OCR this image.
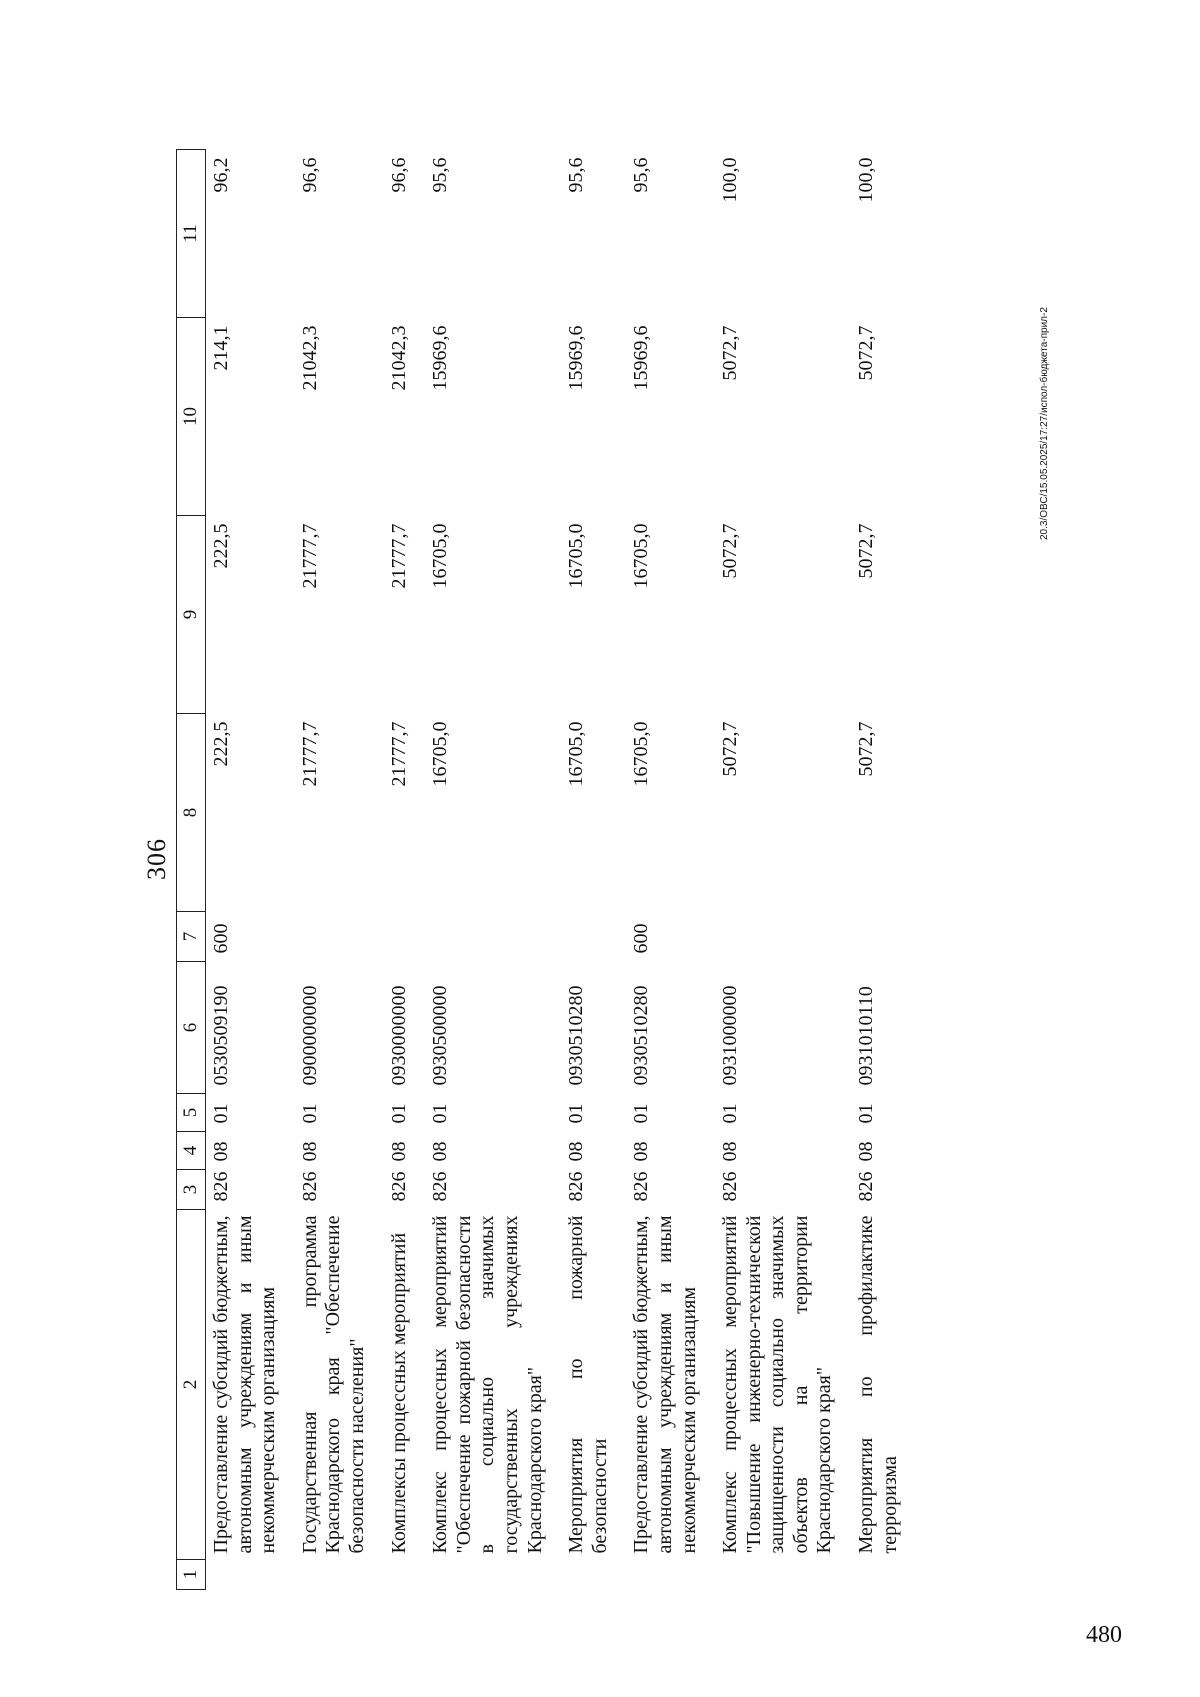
306
1	2	3	4	5	6	7	8	9	10	11
	Предоставление субсидий бюджетным, автономным учреждениям и иным некоммерческим организациям	826	08	01	0530509190	600	222,5	222,5	214,1	96,2
	Государственная программа Краснодарского края "Обеспечение безопасности населения"	826	08	01	0900000000		21777,7	21777,7	21042,3	96,6
	Комплексы процессных мероприятий	826	08	01	0930000000		21777,7	21777,7	21042,3	96,6
	Комплекс процессных мероприятий "Обеспечение пожарной безопасности в социально значимых государственных учреждениях Краснодарского края"	826	08	01	0930500000		16705,0	16705,0	15969,6	95,6
	Мероприятия по пожарной безопасности	826	08	01	0930510280		16705,0	16705,0	15969,6	95,6
	Предоставление субсидий бюджетным, автономным учреждениям и иным некоммерческим организациям	826	08	01	0930510280	600	16705,0	16705,0	15969,6	95,6
	Комплекс процессных мероприятий "Повышение инженерно-технической защищенности социально значимых объектов на территории Краснодарского края"	826	08	01	0931000000		5072,7	5072,7	5072,7	100,0
	Мероприятия по профилактике терроризма	826	08	01	0931010110		5072,7	5072,7	5072,7	100,0
20.3/ОВС/15.05.2025/17:27/испол-бюджета-прил-2
480
